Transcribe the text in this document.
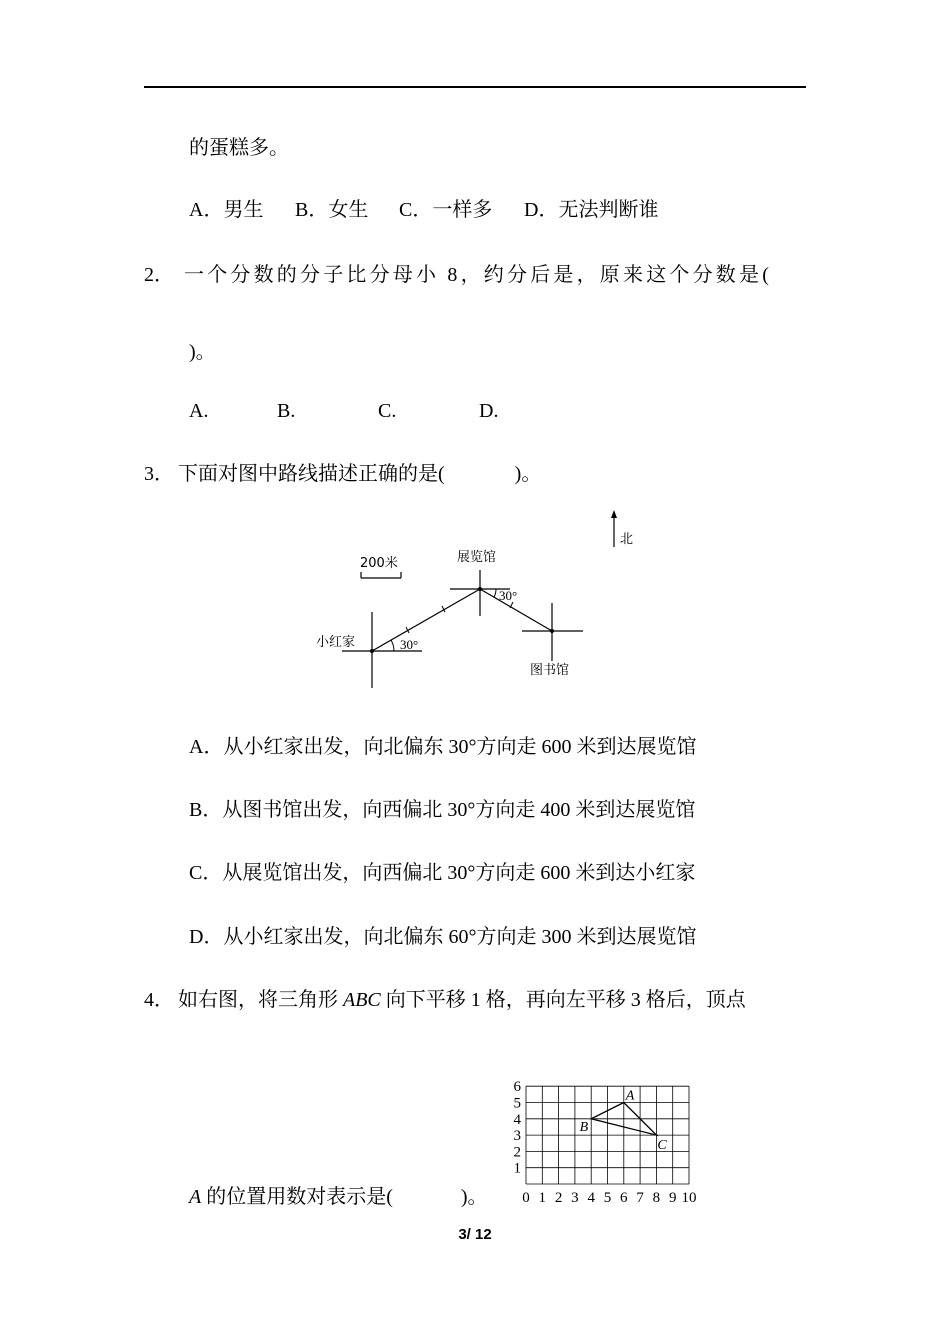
的蛋糕多。
A．男生 B．女生 C．一样多 D．无法判断谁
2． 一个分数的分子比分母小 8，约分后是，原来这个分数是(
)。
A.	B.	C.	D.
3． 下面对图中路线描述正确的是(	)。
北
200米
小红家
展览馆
图书馆
30°
30°
A．从小红家出发，向北偏东 30°方向走 600 米到达展览馆
B．从图书馆出发，向西偏北 30°方向走 400 米到达展览馆
C．从展览馆出发，向西偏北 30°方向走 600 米到达小红家
D．从小红家出发，向北偏东 60°方向走 300 米到达展览馆
4． 如右图，将三角形 ABC 向下平移 1 格，再向左平移 3 格后，顶点
A 的位置用数对表示是(	)。 0 1 2 3 4 5 6 7 8 9 10
1
2
3
4
5
6
A
B
C
3/ 12
